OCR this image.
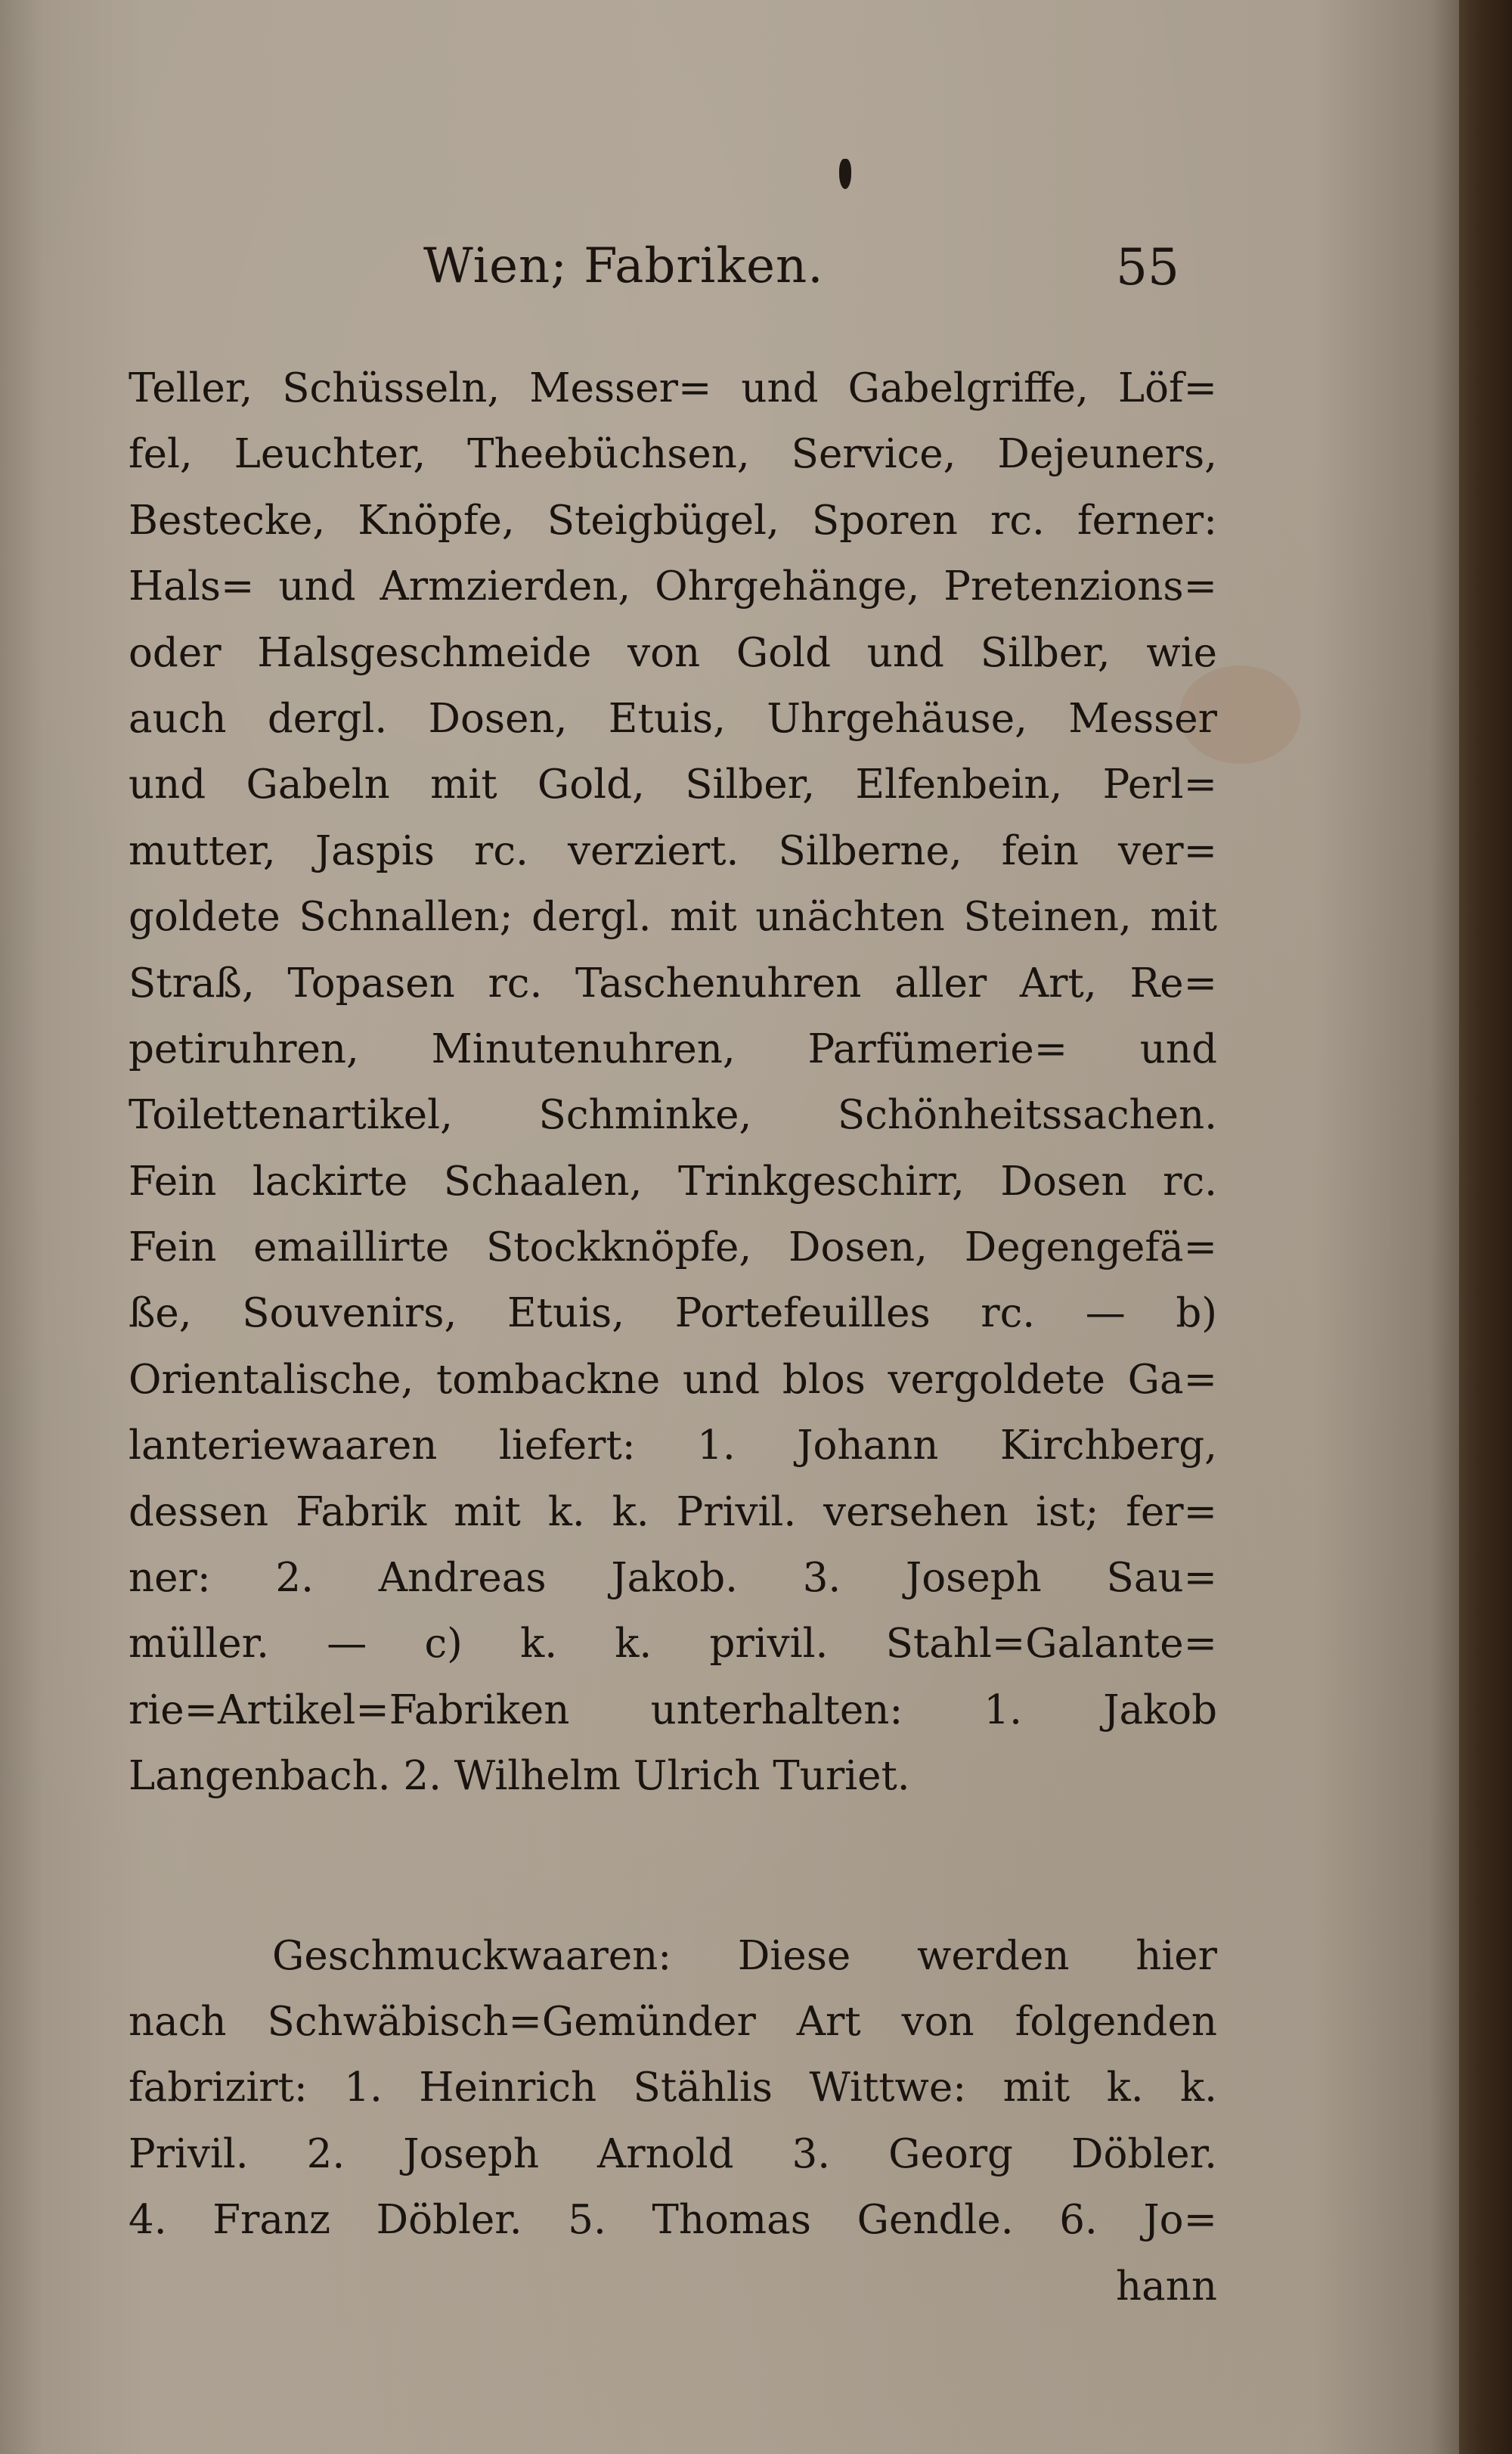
Wien; Fabriken.	55
Teller, Schüsseln, Messer= und Gabelgriffe, Löf=
fel, Leuchter, Theebüchsen, Service, Dejeuners,
Bestecke, Knöpfe, Steigbügel, Sporen rc. ferner:
Hals= und Armzierden, Ohrgehänge, Pretenzions=
oder Halsgeschmeide von Gold und Silber, wie
auch dergl. Dosen, Etuis, Uhrgehäuse, Messer
und Gabeln mit Gold, Silber, Elfenbein, Perl=
mutter, Jaspis rc. verziert. Silberne, fein ver=
goldete Schnallen; dergl. mit unächten Steinen, mit
Straß, Topasen rc. Taschenuhren aller Art, Re=
petiruhren, Minutenuhren, Parfümerie= und
Toilettenartikel, Schminke, Schönheitssachen.
Fein lackirte Schaalen, Trinkgeschirr, Dosen rc.
Fein emaillirte Stockknöpfe, Dosen, Degengefä=
ße, Souvenirs, Etuis, Portefeuilles rc. — b)
Orientalische, tombackne und blos vergoldete Ga=
lanteriewaaren liefert: 1. Johann Kirchberg,
dessen Fabrik mit k. k. Privil. versehen ist; fer=
ner: 2. Andreas Jakob. 3. Joseph Sau=
müller. — c) k. k. privil. Stahl=Galante=
rie=Artikel=Fabriken unterhalten: 1. Jakob
Langenbach. 2. Wilhelm Ulrich Turiet.
Geschmuckwaaren: Diese werden hier
nach Schwäbisch=Gemünder Art von folgenden
fabrizirt: 1. Heinrich Stählis Wittwe: mit k. k.
Privil. 2. Joseph Arnold 3. Georg Döbler.
4. Franz Döbler. 5. Thomas Gendle. 6. Jo=
hann
